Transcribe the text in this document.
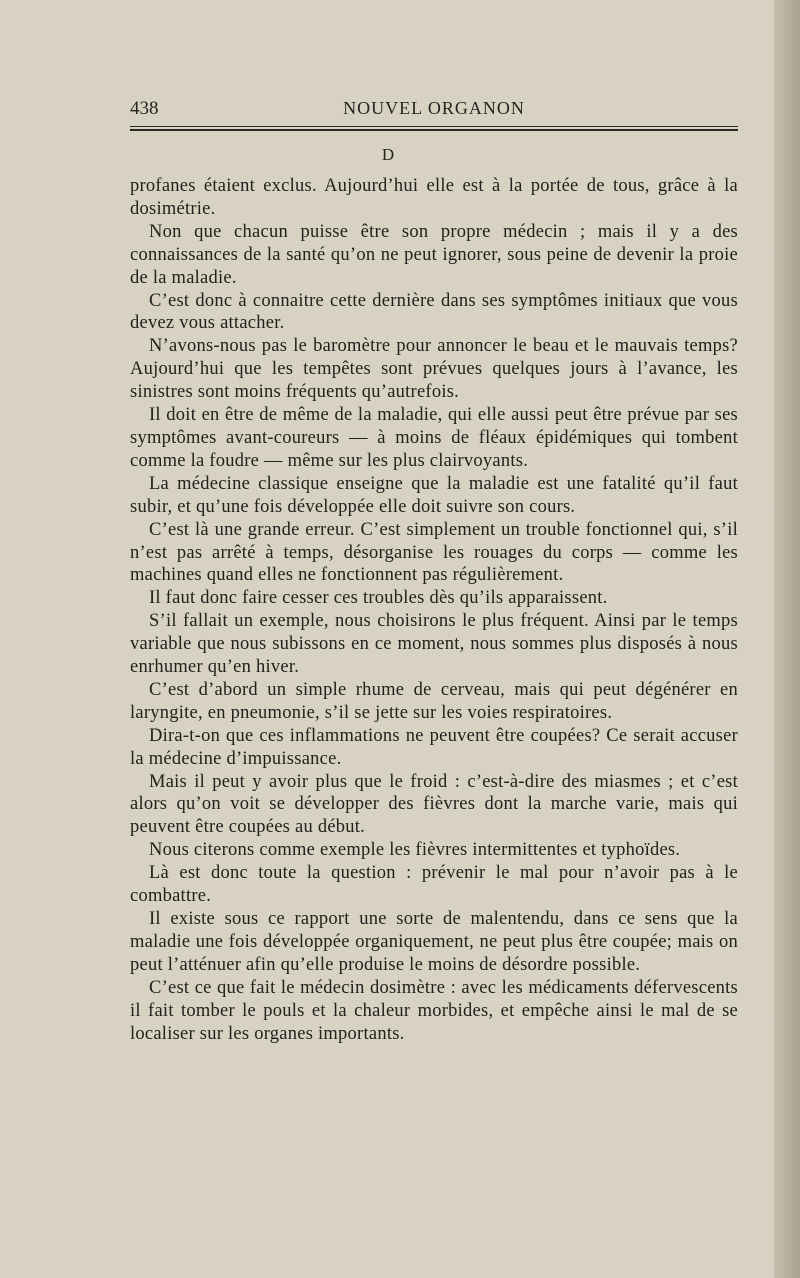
438	NOUVEL ORGANON
D

profanes étaient exclus. Aujourd’hui elle est à la portée de tous, grâce à la dosimétrie.

Non que chacun puisse être son propre médecin ; mais il y a des connaissances de la santé qu’on ne peut ignorer, sous peine de devenir la proie de la maladie.

C’est donc à connaitre cette dernière dans ses symptômes initiaux que vous devez vous attacher.

N’avons-nous pas le baromètre pour annoncer le beau et le mauvais temps? Aujourd’hui que les tempêtes sont prévues quelques jours à l’avance, les sinistres sont moins fréquents qu’autrefois.

Il doit en être de même de la maladie, qui elle aussi peut être prévue par ses symptômes avant-coureurs — à moins de fléaux épidémiques qui tombent comme la foudre — même sur les plus clairvoyants.

La médecine classique enseigne que la maladie est une fatalité qu’il faut subir, et qu’une fois développée elle doit suivre son cours.

C’est là une grande erreur. C’est simplement un trouble fonctionnel qui, s’il n’est pas arrêté à temps, désorganise les rouages du corps — comme les machines quand elles ne fonctionnent pas régulièrement.

Il faut donc faire cesser ces troubles dès qu’ils apparaissent.

S’il fallait un exemple, nous choisirons le plus fréquent. Ainsi par le temps variable que nous subissons en ce moment, nous sommes plus disposés à nous enrhumer qu’en hiver.

C’est d’abord un simple rhume de cerveau, mais qui peut dégénérer en laryngite, en pneumonie, s’il se jette sur les voies respiratoires.

Dira-t-on que ces inflammations ne peuvent être coupées? Ce serait accuser la médecine d’impuissance.

Mais il peut y avoir plus que le froid : c’est-à-dire des miasmes ; et c’est alors qu’on voit se développer des fièvres dont la marche varie, mais qui peuvent être coupées au début.

Nous citerons comme exemple les fièvres intermittentes et typhoïdes.

Là est donc toute la question : prévenir le mal pour n’avoir pas à le combattre.

Il existe sous ce rapport une sorte de malentendu, dans ce sens que la maladie une fois développée organiquement, ne peut plus être coupée; mais on peut l’atténuer afin qu’elle produise le moins de désordre possible.

C’est ce que fait le médecin dosimètre : avec les médicaments défervescents il fait tomber le pouls et la chaleur morbides, et empêche ainsi le mal de se localiser sur les organes importants.
